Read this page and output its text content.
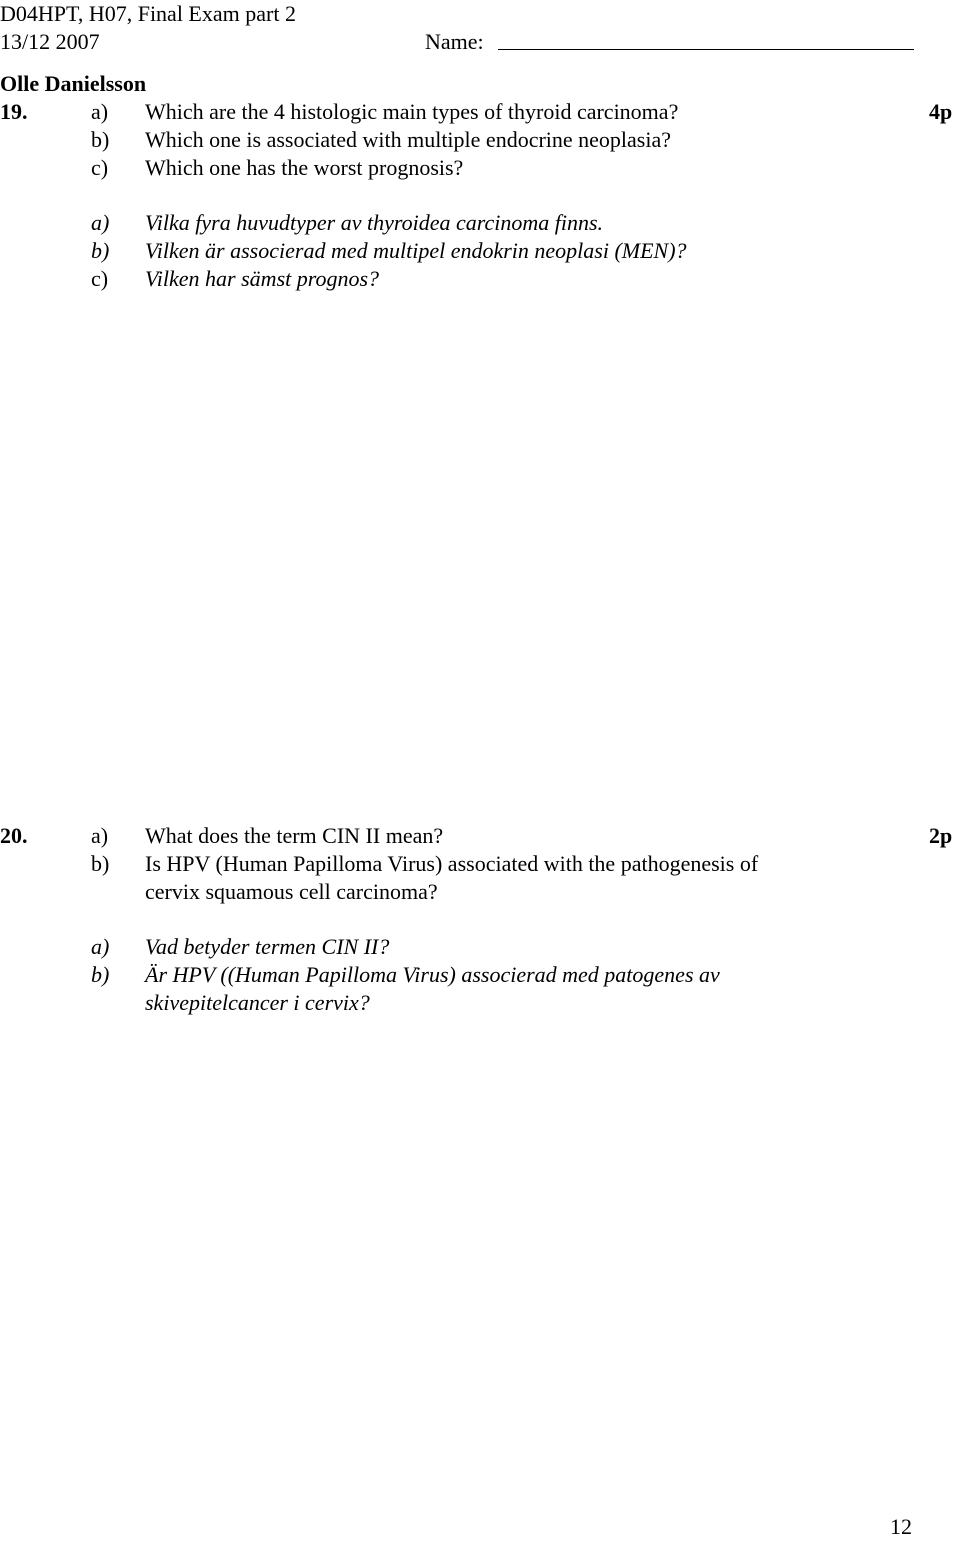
D04HPT, H07, Final Exam part 2
13/12 2007	Name:
Olle Danielsson
19.	4p
a) Which are the 4 histologic main types of thyroid carcinoma?
b) Which one is associated with multiple endocrine neoplasia?
c) Which one has the worst prognosis?
a) Vilka fyra huvudtyper av thyroidea carcinoma finns.
b) Vilken är associerad med multipel endokrin neoplasi (MEN)?
c) Vilken har sämst prognos?
20.	2p
a) What does the term CIN II mean?
b) Is HPV (Human Papilloma Virus) associated with the pathogenesis of
cervix squamous cell carcinoma?
a) Vad betyder termen CIN II?
b) Är HPV ((Human Papilloma Virus) associerad med patogenes av
skivepitelcancer i cervix?
12
